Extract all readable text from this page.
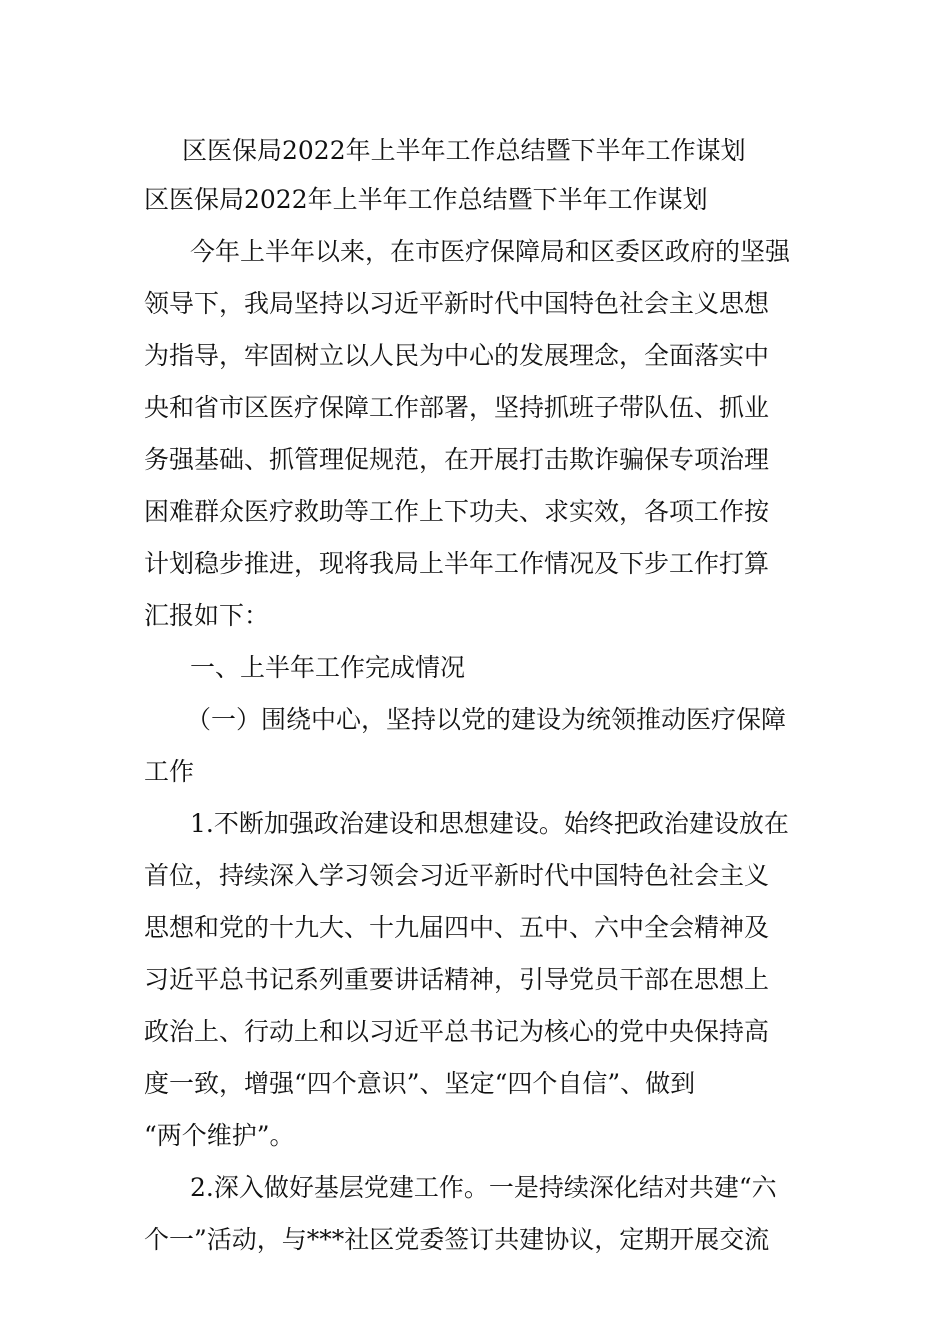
区医保局2022年上半年工作总结暨下半年工作谋划

区医保局2022年上半年工作总结暨下半年工作谋划

今年上半年以来，在市医疗保障局和区委区政府的坚强

领导下，我局坚持以习近平新时代中国特色社会主义思想

为指导，牢固树立以人民为中心的发展理念，全面落实中

央和省市区医疗保障工作部署，坚持抓班子带队伍、抓业

务强基础、抓管理促规范，在开展打击欺诈骗保专项治理

困难群众医疗救助等工作上下功夫、求实效，各项工作按

计划稳步推进，现将我局上半年工作情况及下步工作打算

汇报如下：

一、上半年工作完成情况

（一）围绕中心，坚持以党的建设为统领推动医疗保障

工作

1.不断加强政治建设和思想建设。始终把政治建设放在

首位，持续深入学习领会习近平新时代中国特色社会主义

思想和党的十九大、十九届四中、五中、六中全会精神及

习近平总书记系列重要讲话精神，引导党员干部在思想上

政治上、行动上和以习近平总书记为核心的党中央保持高

度一致，增强“四个意识”、坚定“四个自信”、做到

“两个维护”。

2.深入做好基层党建工作。一是持续深化结对共建“六

个一”活动，与***社区党委签订共建协议，定期开展交流
